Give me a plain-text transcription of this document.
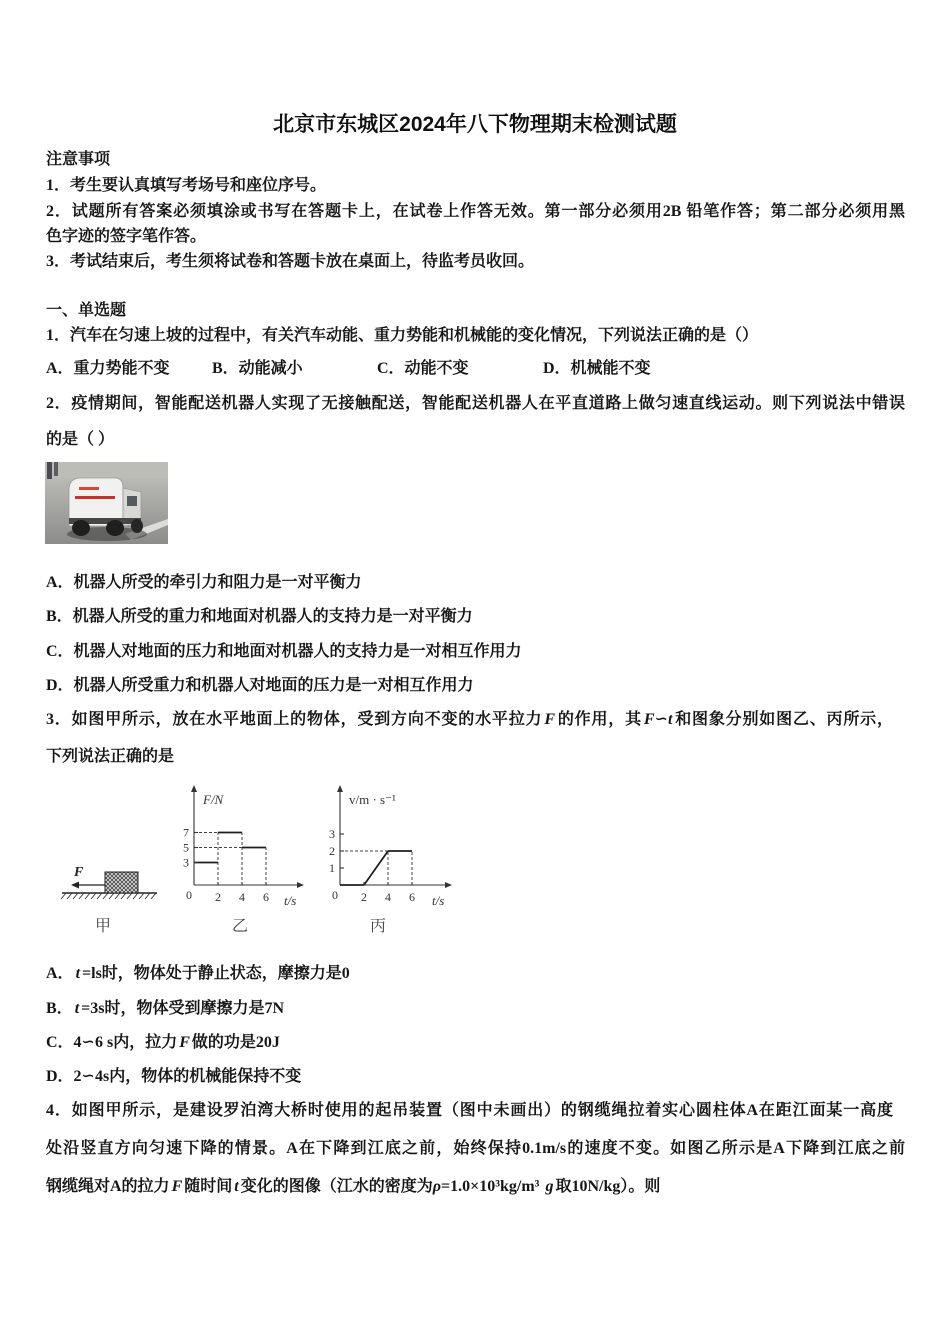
北京市东城区2024年八下物理期末检测试题
注意事项
1．考生要认真填写考场号和座位序号。
2．试题所有答案必须填涂或书写在答题卡上，在试卷上作答无效。第一部分必须用2B 铅笔作答；第二部分必须用黑
色字迹的签字笔作答。
3．考试结束后，考生须将试卷和答题卡放在桌面上，待监考员收回。
一、单选题
1．汽车在匀速上坡的过程中，有关汽车动能、重力势能和机械能的变化情况，下列说法正确的是（）
A．重力势能不变	B．动能减小	C．动能不变	D．机械能不变
2．疫情期间，智能配送机器人实现了无接触配送，智能配送机器人在平直道路上做匀速直线运动。则下列说法中错误
的是（ ）
A．机器人所受的牵引力和阻力是一对平衡力
B．机器人所受的重力和地面对机器人的支持力是一对平衡力
C．机器人对地面的压力和地面对机器人的支持力是一对相互作用力
D．机器人所受重力和机器人对地面的压力是一对相互作用力
3．如图甲所示，放在水平地面上的物体，受到方向不变的水平拉力 F 的作用，其 F∽t 和图象分别如图乙、丙所示，
下列说法正确的是
F
甲
2 4 6
3
5
7
0
F/N
t/s
乙
2 4 6
1
2
3
0
v/m · s⁻¹
t/s
丙
A． t =ls时，物体处于静止状态，摩擦力是0
B． t =3s时，物体受到摩擦力是7N
C．4∽6 s内，拉力 F 做的功是20J
D．2∽4s内，物体的机械能保持不变
4．如图甲所示，是建设罗泊湾大桥时使用的起吊装置（图中未画出）的钢缆绳拉着实心圆柱体A在距江面某一高度
处沿竖直方向匀速下降的情景。A在下降到江底之前，始终保持0.1m/s的速度不变。如图乙所示是A下降到江底之前
钢缆绳对A的拉力 F 随时间 t 变化的图像（江水的密度为ρ=1.0×10³kg/m³ g 取10N/kg）。则
